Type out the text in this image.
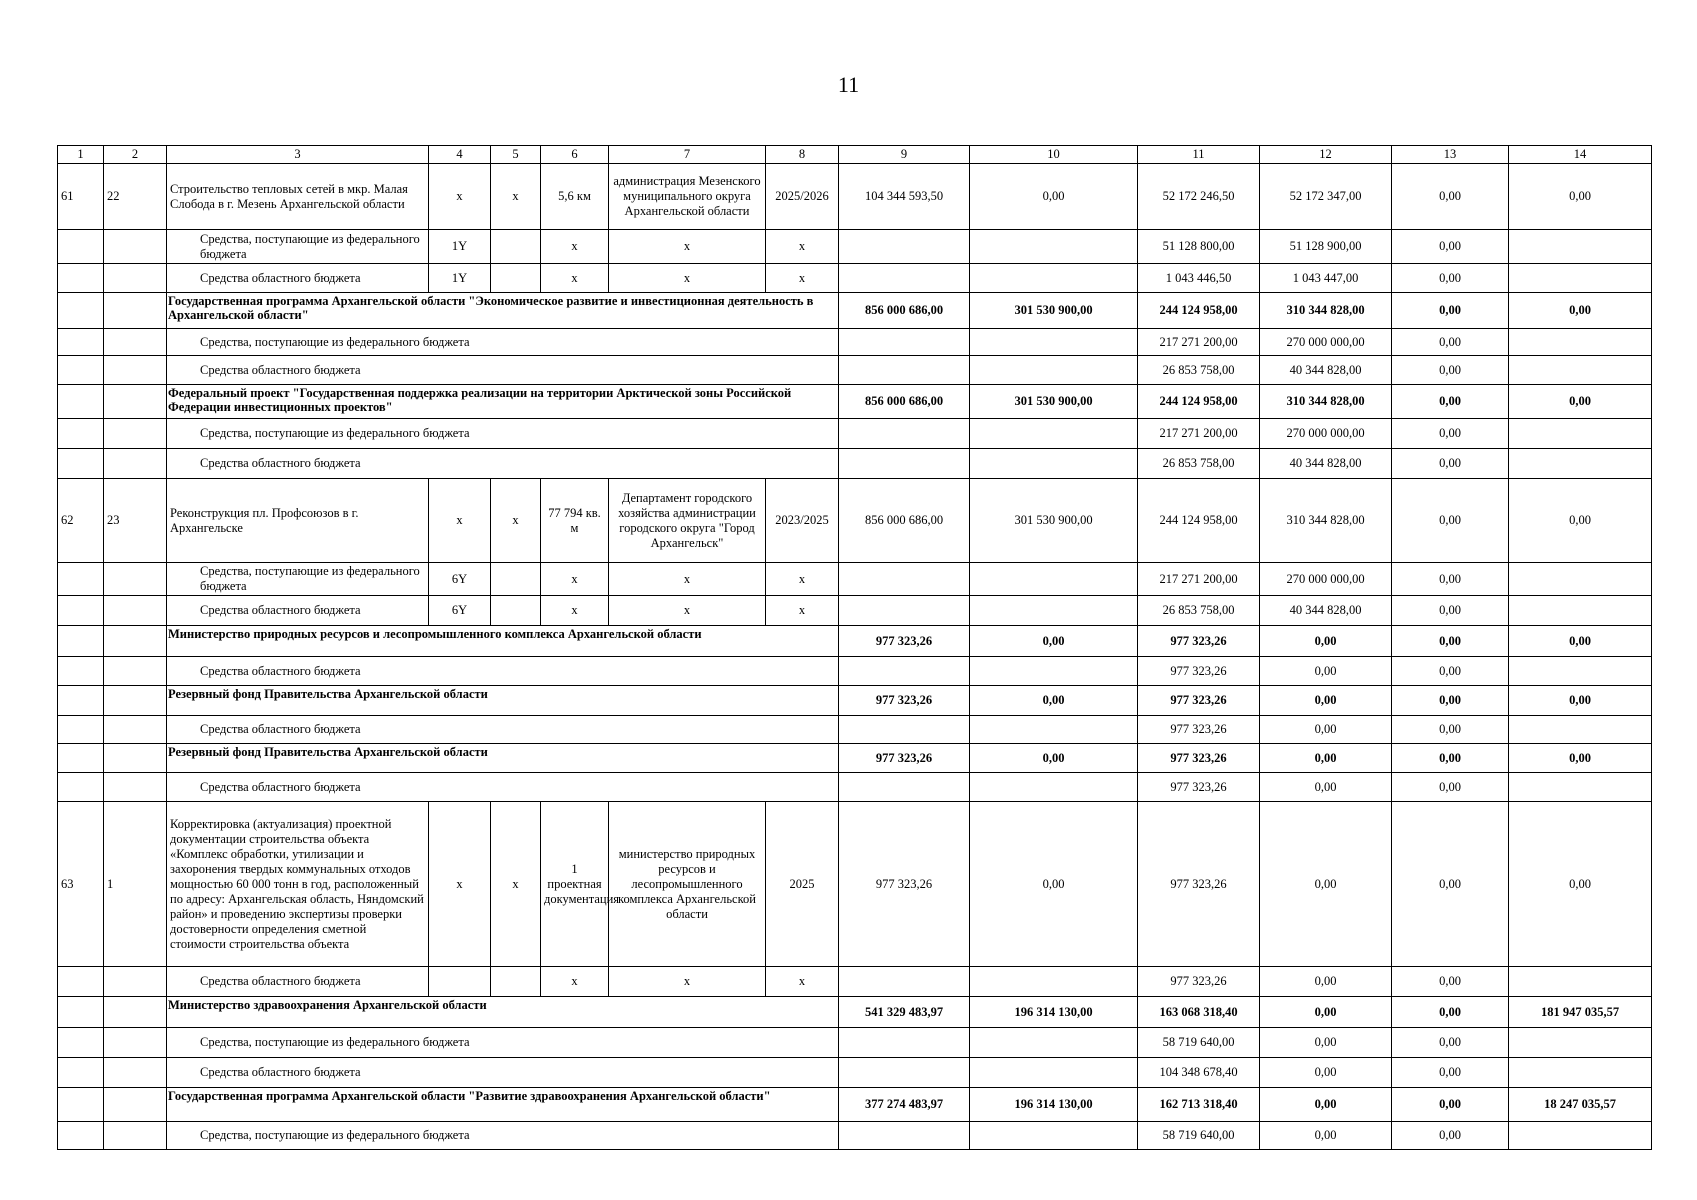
11
1	2	3	4	5	6	7	8	9	10	11	12	13	14
61	22	Строительство тепловых сетей в мкр. Малая Слобода в г. Мезень Архангельской области	х	х	5,6 км	администрация Мезенского муниципального округа Архангельской области	2025/2026	104 344 593,50	0,00	52 172 246,50	52 172 347,00	0,00	0,00
		Средства, поступающие из федерального бюджета	1Y		х	х	х			51 128 800,00	51 128 900,00	0,00	
		Средства областного бюджета	1Y		х	х	х			1 043 446,50	1 043 447,00	0,00	
		Государственная программа Архангельской области "Экономическое развитие и инвестиционная деятельность в Архангельской области"						856 000 686,00	301 530 900,00	244 124 958,00	310 344 828,00	0,00	0,00
		Средства, поступающие из федерального бюджета								217 271 200,00	270 000 000,00	0,00	
		Средства областного бюджета								26 853 758,00	40 344 828,00	0,00	
		Федеральный проект "Государственная поддержка реализации на территории Арктической зоны Российской Федерации инвестиционных проектов"						856 000 686,00	301 530 900,00	244 124 958,00	310 344 828,00	0,00	0,00
		Средства, поступающие из федерального бюджета								217 271 200,00	270 000 000,00	0,00	
		Средства областного бюджета								26 853 758,00	40 344 828,00	0,00	
62	23	Реконструкция пл. Профсоюзов в г. Архангельске	х	х	77 794 кв. м	Департамент городского хозяйства администрации городского округа "Город Архангельск"	2023/2025	856 000 686,00	301 530 900,00	244 124 958,00	310 344 828,00	0,00	0,00
		Средства, поступающие из федерального бюджета	6Y		х	х	х			217 271 200,00	270 000 000,00	0,00	
		Средства областного бюджета	6Y		х	х	х			26 853 758,00	40 344 828,00	0,00	
		Министерство природных ресурсов и лесопромышленного комплекса Архангельской области						977 323,26	0,00	977 323,26	0,00	0,00	0,00
		Средства областного бюджета								977 323,26	0,00	0,00	
		Резервный фонд Правительства Архангельской области						977 323,26	0,00	977 323,26	0,00	0,00	0,00
		Средства областного бюджета								977 323,26	0,00	0,00	
		Резервный фонд Правительства Архангельской области						977 323,26	0,00	977 323,26	0,00	0,00	0,00
		Средства областного бюджета								977 323,26	0,00	0,00	
63	1	Корректировка (актуализация) проектной документации строительства объекта «Комплекс обработки, утилизации и захоронения твердых коммунальных отходов мощностью 60 000 тонн в год, расположенный по адресу: Архангельская область, Няндомский район» и проведению экспертизы проверки достоверности определения сметной стоимости строительства объекта	х	х	1 проектная документация	министерство природных ресурсов и лесопромышленного комплекса Архангельской области	2025	977 323,26	0,00	977 323,26	0,00	0,00	0,00
		Средства областного бюджета			х	х	х			977 323,26	0,00	0,00	
		Министерство здравоохранения Архангельской области						541 329 483,97	196 314 130,00	163 068 318,40	0,00	0,00	181 947 035,57
		Средства, поступающие из федерального бюджета								58 719 640,00	0,00	0,00	
		Средства областного бюджета								104 348 678,40	0,00	0,00	
		Государственная программа Архангельской области "Развитие здравоохранения Архангельской области"						377 274 483,97	196 314 130,00	162 713 318,40	0,00	0,00	18 247 035,57
		Средства, поступающие из федерального бюджета								58 719 640,00	0,00	0,00	
